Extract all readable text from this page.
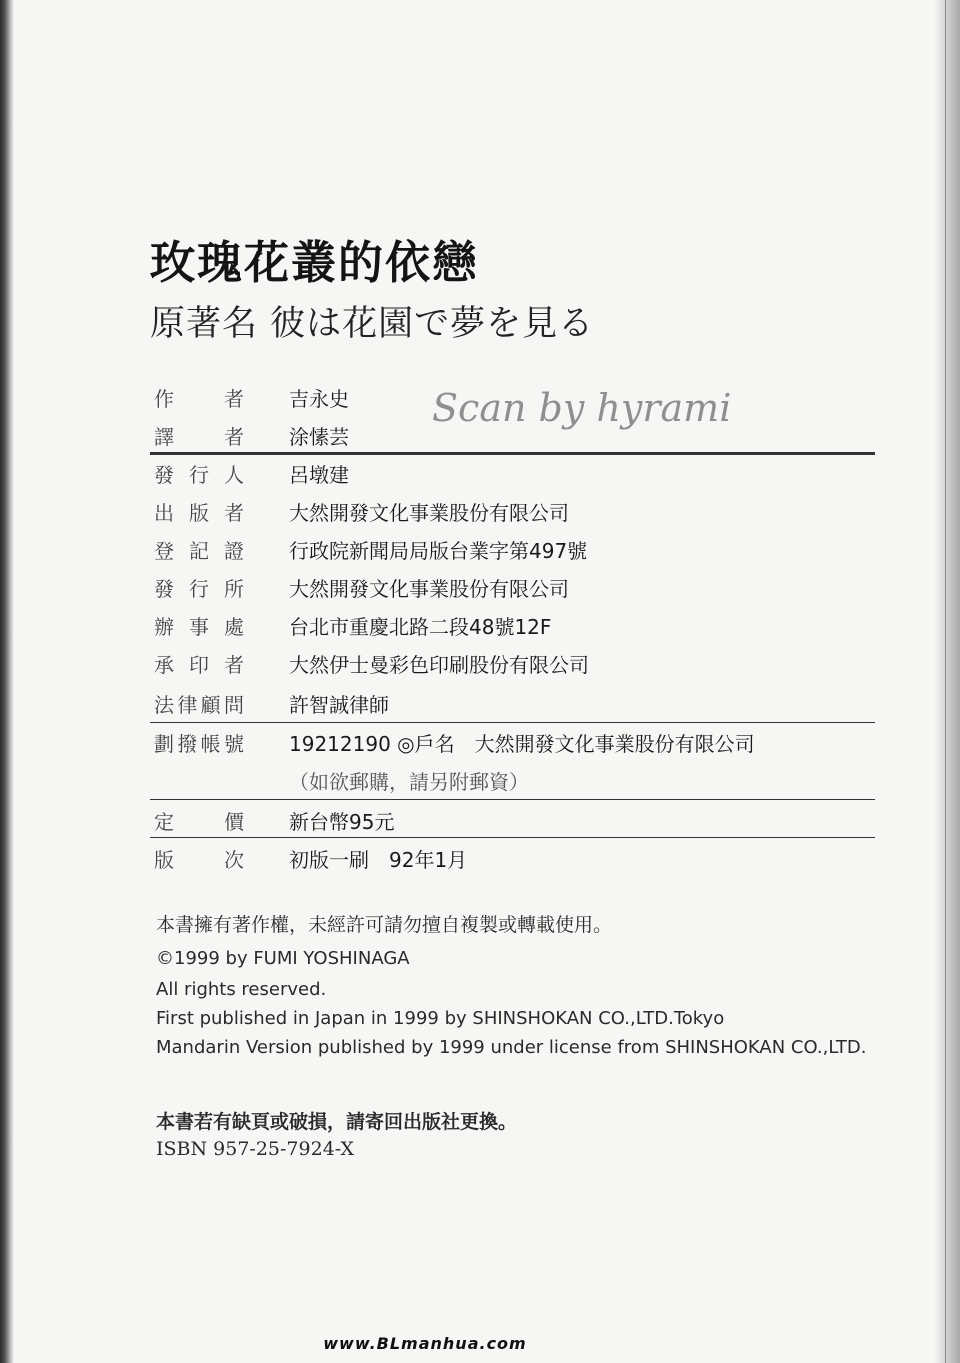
玫瑰花叢的依戀
原著名 彼は花園で夢を見る
Scan by hyrami
作	者 吉永史
譯	者 涂愫芸
發 行 人 呂墩建
出 版 者 大然開發文化事業股份有限公司
登 記 證 行政院新聞局局版台業字第497號
發 行 所 大然開發文化事業股份有限公司
辦 事 處 台北市重慶北路二段48號12F
承 印 者 大然伊士曼彩色印刷股份有限公司
法 律 顧 問 許智誠律師
劃 撥 帳 號 19212190 ◎戶名　大然開發文化事業股份有限公司
（如欲郵購，請另附郵資）
定	價 新台幣95元
版	次 初版一刷　92年1月
本書擁有著作權，未經許可請勿擅自複製或轉載使用。
©1999 by FUMI YOSHINAGA
All rights reserved.
First published in Japan in 1999 by SHINSHOKAN CO.,LTD.Tokyo
Mandarin Version published by 1999 under license from SHINSHOKAN CO.,LTD.
本書若有缺頁或破損，請寄回出版社更換。
ISBN 957-25-7924-X
www.BLmanhua.com
